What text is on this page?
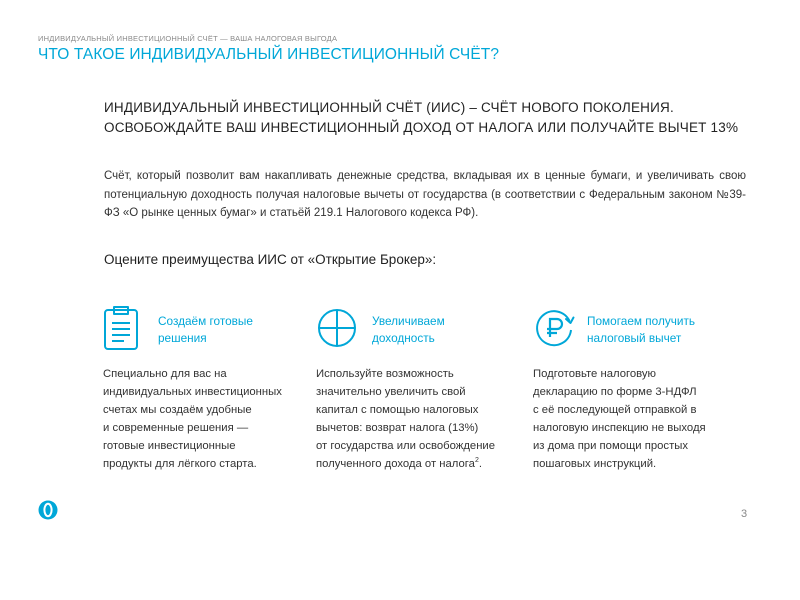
ИНДИВИДУАЛЬНЫЙ ИНВЕСТИЦИОННЫЙ СЧЁТ — ВАША НАЛОГОВАЯ ВЫГОДА
ЧТО ТАКОЕ ИНДИВИДУАЛЬНЫЙ ИНВЕСТИЦИОННЫЙ СЧЁТ?
ИНДИВИДУАЛЬНЫЙ ИНВЕСТИЦИОННЫЙ СЧЁТ (ИИС) – СЧЁТ НОВОГО ПОКОЛЕНИЯ.
ОСВОБОЖДАЙТЕ ВАШ ИНВЕСТИЦИОННЫЙ ДОХОД ОТ НАЛОГА ИЛИ ПОЛУЧАЙТЕ ВЫЧЕТ 13%
Счёт, который позволит вам накапливать денежные средства, вкладывая их в ценные бумаги, и увеличивать свою потенциальную доходность получая налоговые вычеты от государства (в соответствии с Федеральным законом №39-ФЗ «О рынке ценных бумаг» и статьёй 219.1 Налогового кодекса РФ).
Оцените преимущества ИИС от «Открытие Брокер»:
Создаём готовые
решения
Специально для вас на
индивидуальных инвестиционных
счетах мы создаём удобные
и современные решения —
готовые инвестиционные
продукты для лёгкого старта.
Увеличиваем
доходность
Используйте возможность
значительно увеличить свой
капитал с помощью налоговых
вычетов: возврат налога (13%)
от государства или освобождение
полученного дохода от налога$^2$.
Помогаем получить
налоговый вычет
Подготовьте налоговую
декларацию по форме 3-НДФЛ
с её последующей отправкой в
налоговую инспекцию не выходя
из дома при помощи простых
пошаговых инструкций.
3
